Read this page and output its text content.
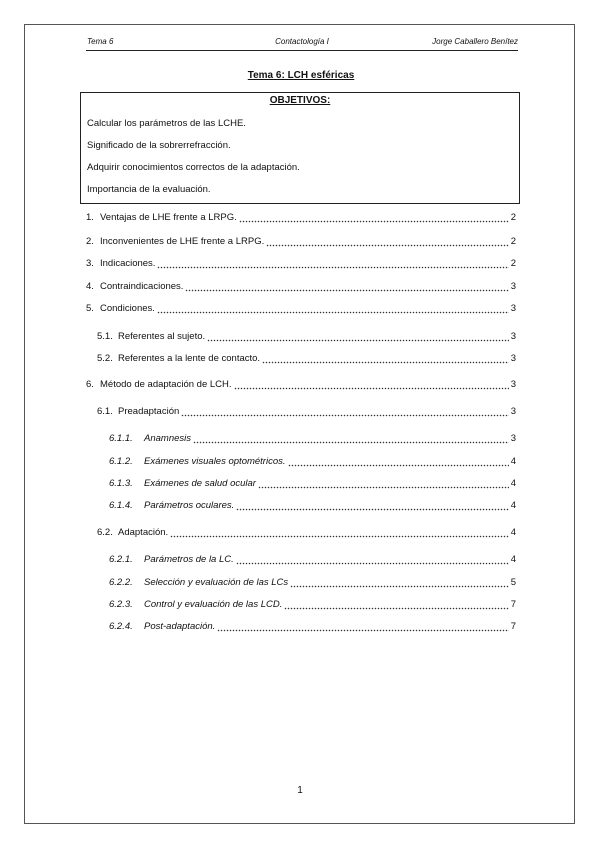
Tema 6	Contactología I	Jorge Caballero Benítez
Tema 6: LCH esféricas
OBJETIVOS:
Calcular los parámetros de las LCHE.
Significado de la sobrerrefracción.
Adquirir conocimientos correctos de la adaptación.
Importancia de la evaluación.
1. Ventajas de LHE frente a LRPG.	2
2. Inconvenientes de LHE frente a LRPG.	2
3. Indicaciones.	2
4. Contraindicaciones.	3
5. Condiciones.	3
5.1. Referentes al sujeto.	3
5.2. Referentes a la lente de contacto.	3
6. Método de adaptación de LCH.	3
6.1. Preadaptación	3
6.1.1.	Anamnesis	3
6.1.2.	Exámenes visuales optométricos.	4
6.1.3.	Exámenes de salud ocular	4
6.1.4.	Parámetros oculares.	4
6.2. Adaptación.	4
6.2.1.	Parámetros de la LC.	4
6.2.2.	Selección y evaluación de las LCs	5
6.2.3.	Control y evaluación de las LCD.	7
6.2.4.	Post-adaptación.	7
1
